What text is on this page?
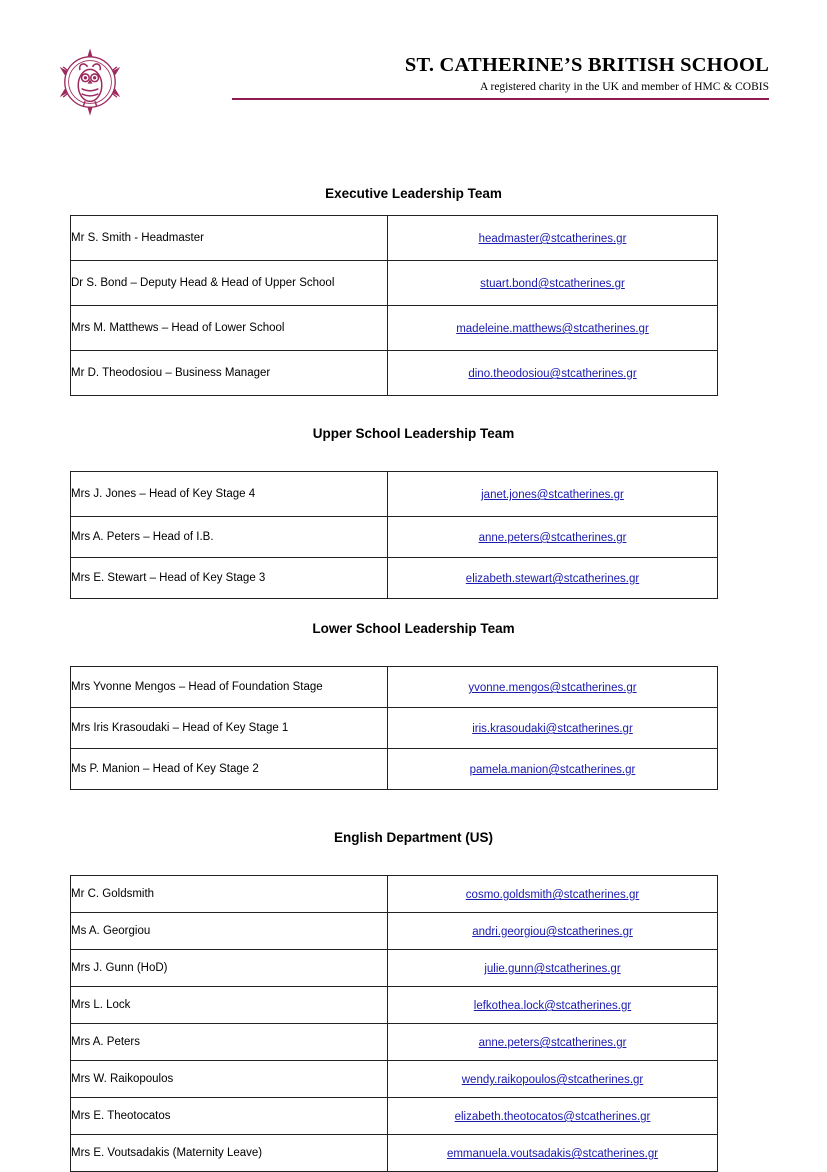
ST. CATHERINE’S BRITISH SCHOOL
A registered charity in the UK and member of HMC & COBIS
Executive Leadership Team
Mr S. Smith - Headmaster	headmaster@stcatherines.gr
Dr S. Bond – Deputy Head & Head of Upper School	stuart.bond@stcatherines.gr
Mrs M. Matthews – Head of Lower School	madeleine.matthews@stcatherines.gr
Mr D. Theodosiou – Business Manager	dino.theodosiou@stcatherines.gr
Upper School Leadership Team
Mrs J. Jones – Head of Key Stage 4	janet.jones@stcatherines.gr
Mrs A. Peters – Head of I.B.	anne.peters@stcatherines.gr
Mrs E. Stewart – Head of Key Stage 3	elizabeth.stewart@stcatherines.gr
Lower School Leadership Team
Mrs Yvonne Mengos – Head of Foundation Stage	yvonne.mengos@stcatherines.gr
Mrs Iris Krasoudaki – Head of Key Stage 1	iris.krasoudaki@stcatherines.gr
Ms P. Manion – Head of Key Stage 2	pamela.manion@stcatherines.gr
English Department (US)
Mr C. Goldsmith	cosmo.goldsmith@stcatherines.gr
Ms A. Georgiou	andri.georgiou@stcatherines.gr
Mrs J. Gunn (HoD)	julie.gunn@stcatherines.gr
Mrs L. Lock	lefkothea.lock@stcatherines.gr
Mrs A. Peters	anne.peters@stcatherines.gr
Mrs W. Raikopoulos	wendy.raikopoulos@stcatherines.gr
Mrs E. Theotocatos	elizabeth.theotocatos@stcatherines.gr
Mrs E. Voutsadakis (Maternity Leave)	emmanuela.voutsadakis@stcatherines.gr
